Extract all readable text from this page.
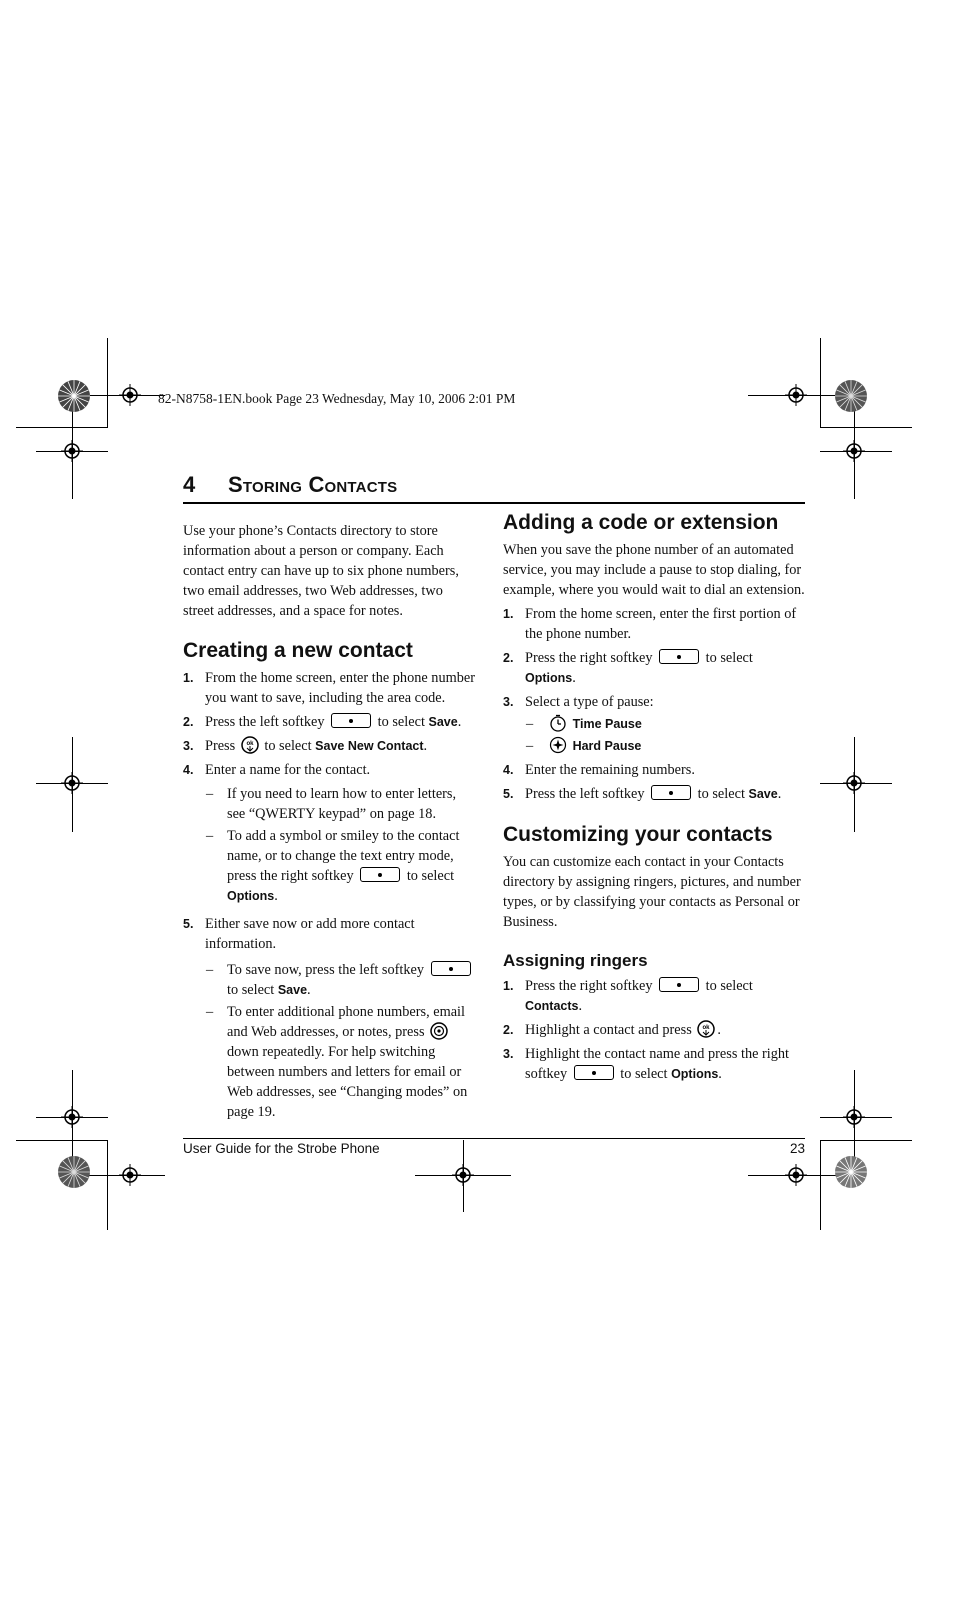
82-N8758-1EN.book Page 23 Wednesday, May 10, 2006 2:01 PM
4 Storing Contacts

Use your phone’s Contacts directory to store information about a person or company. Each contact entry can have up to six phone numbers, two email addresses, two Web addresses, two street addresses, and a space for notes.

Creating a new contact
1. From the home screen, enter the phone number you want to save, including the area code.
2. Press the left softkey	to select Save.
3. Press ok to select Save New Contact.
4. Enter a name for the contact.
– If you need to learn how to enter letters, see “QWERTY keypad” on page 18.
– To add a symbol or smiley to the contact name, or to change the text entry mode, press the right softkey	to select Options.
5. Either save now or add more contact information.
– To save now, press the left softkey  to select Save.
– To enter additional phone numbers, email and Web addresses, or notes, press  down repeatedly. For help switching between numbers and letters for email or Web addresses, see “Changing modes” on page 19.
Adding a code or extension

When you save the phone number of an automated service, you may include a pause to stop dialing, for example, where you would wait to dial an extension.

1. From the home screen, enter the first portion of the phone number.
2. Press the right softkey	to select Options.
3. Select a type of pause:
–	Time Pause
–	Hard Pause
4. Enter the remaining numbers.
5. Press the left softkey	to select Save.
Customizing your contacts

You can customize each contact in your Contacts directory by assigning ringers, pictures, and number types, or by classifying your contacts as Personal or Business.

Assigning ringers
1. Press the right softkey	to select Contacts.
2. Highlight a contact and press ok .
3. Highlight the contact name and press the right softkey	to select Options.
User Guide for the Strobe Phone	23
